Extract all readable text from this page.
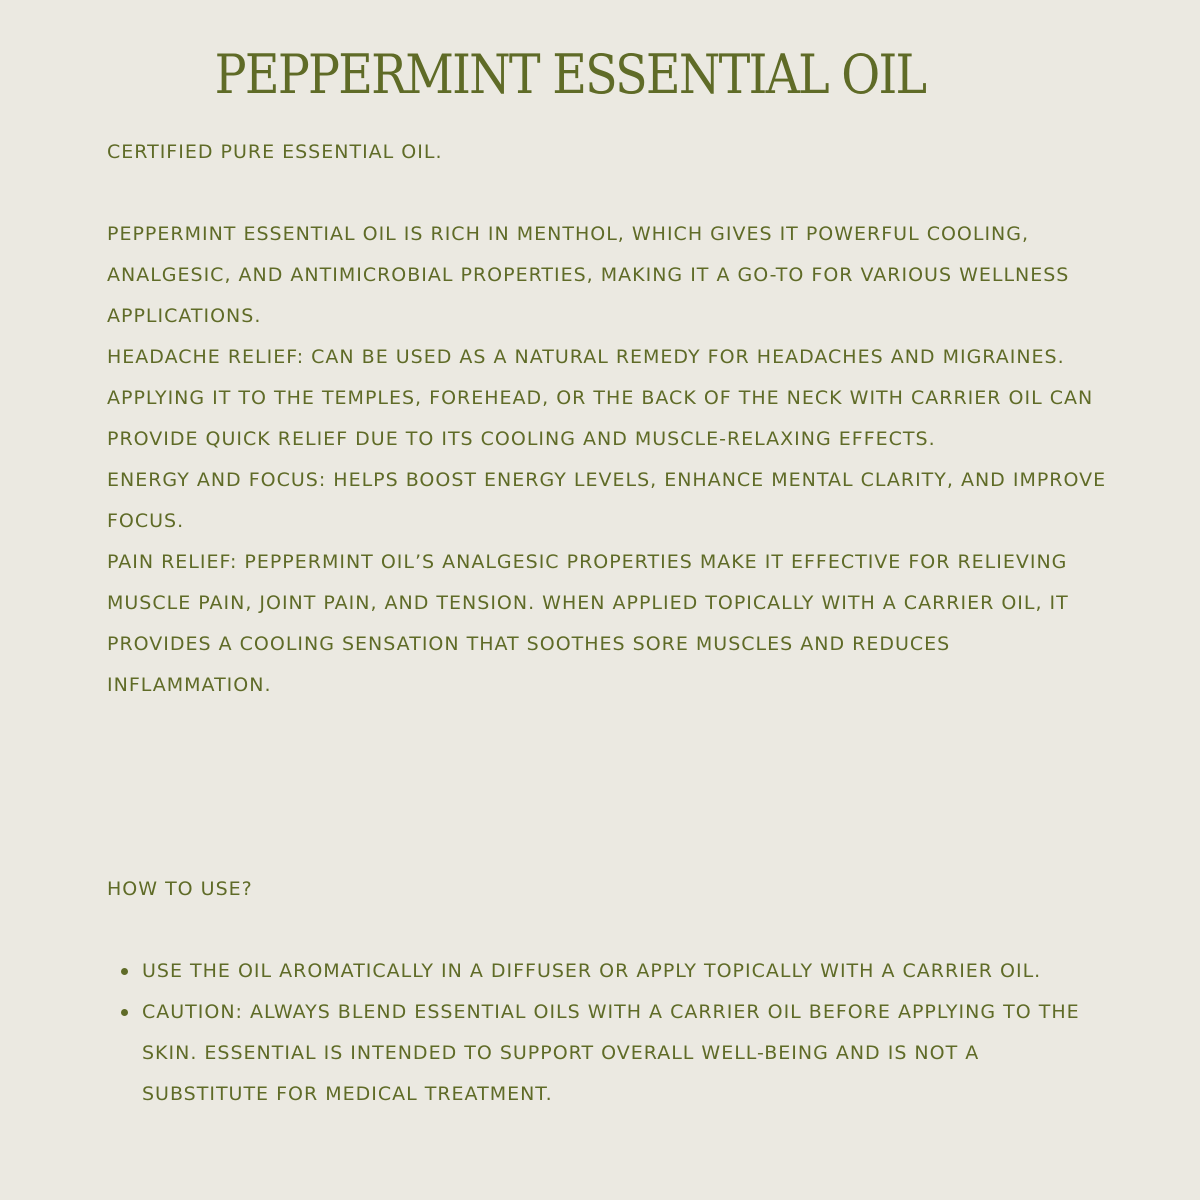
PEPPERMINT ESSENTIAL OIL

CERTIFIED PURE ESSENTIAL OIL.

PEPPERMINT ESSENTIAL OIL IS RICH IN MENTHOL, WHICH GIVES IT POWERFUL COOLING, ANALGESIC, AND ANTIMICROBIAL PROPERTIES, MAKING IT A GO-TO FOR VARIOUS WELLNESS APPLICATIONS.

HEADACHE RELIEF: CAN BE USED AS A NATURAL REMEDY FOR HEADACHES AND MIGRAINES. APPLYING IT TO THE TEMPLES, FOREHEAD, OR THE BACK OF THE NECK WITH CARRIER OIL CAN PROVIDE QUICK RELIEF DUE TO ITS COOLING AND MUSCLE-RELAXING EFFECTS.

ENERGY AND FOCUS: HELPS BOOST ENERGY LEVELS, ENHANCE MENTAL CLARITY, AND IMPROVE FOCUS.

PAIN RELIEF: PEPPERMINT OIL’S ANALGESIC PROPERTIES MAKE IT EFFECTIVE FOR RELIEVING MUSCLE PAIN, JOINT PAIN, AND TENSION. WHEN APPLIED TOPICALLY WITH A CARRIER OIL, IT PROVIDES A COOLING SENSATION THAT SOOTHES SORE MUSCLES AND REDUCES INFLAMMATION.

HOW TO USE?

USE THE OIL AROMATICALLY IN A DIFFUSER OR APPLY TOPICALLY WITH A CARRIER OIL.
CAUTION: ALWAYS BLEND ESSENTIAL OILS WITH A CARRIER OIL BEFORE APPLYING TO THE SKIN. ESSENTIAL IS INTENDED TO SUPPORT OVERALL WELL-BEING AND IS NOT A SUBSTITUTE FOR MEDICAL TREATMENT.
